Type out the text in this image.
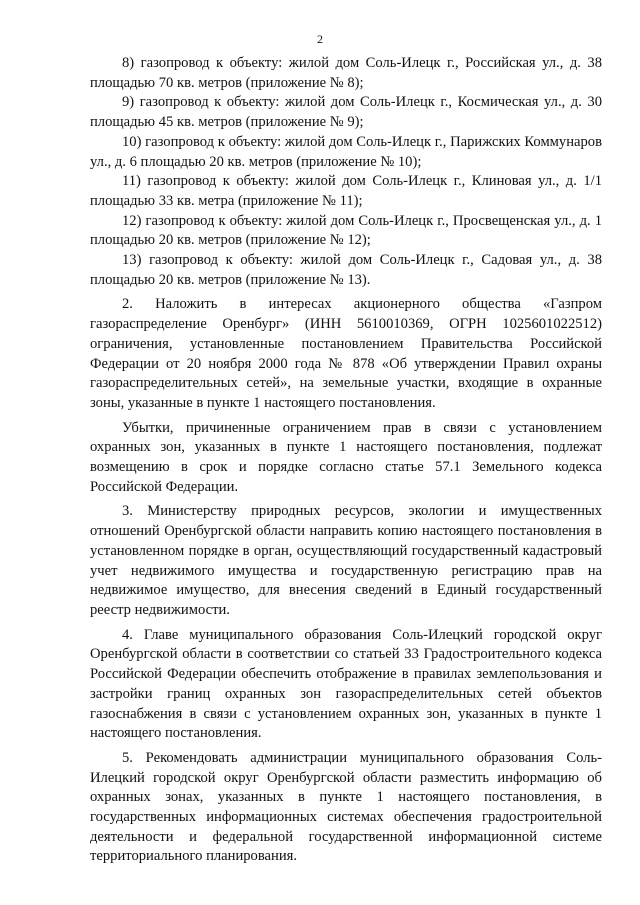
2

8) газопровод к объекту: жилой дом Соль-Илецк г., Российская ул., д. 38 площадью 70 кв. метров (приложение № 8);

9) газопровод к объекту: жилой дом Соль-Илецк г., Космическая ул., д. 30 площадью 45 кв. метров (приложение № 9);

10) газопровод к объекту: жилой дом Соль-Илецк г., Парижских Коммунаров ул., д. 6 площадью 20 кв. метров (приложение № 10);

11) газопровод к объекту: жилой дом Соль-Илецк г., Клиновая ул., д. 1/1 площадью 33 кв. метра (приложение № 11);

12) газопровод к объекту: жилой дом Соль-Илецк г., Просвещенская ул., д. 1 площадью 20 кв. метров (приложение № 12);

13) газопровод к объекту: жилой дом Соль-Илецк г., Садовая ул., д. 38 площадью 20 кв. метров (приложение № 13).

2. Наложить в интересах акционерного общества «Газпром газораспределение Оренбург» (ИНН 5610010369, ОГРН 1025601022512) ограничения, установленные постановлением Правительства Российской Федерации от 20 ноября 2000 года № 878 «Об утверждении Правил охраны газораспределительных сетей», на земельные участки, входящие в охранные зоны, указанные в пункте 1 настоящего постановления.

Убытки, причиненные ограничением прав в связи с установлением охранных зон, указанных в пункте 1 настоящего постановления, подлежат возмещению в срок и порядке согласно статье 57.1 Земельного кодекса Российской Федерации.

3. Министерству природных ресурсов, экологии и имущественных отношений Оренбургской области направить копию настоящего постановления в установленном порядке в орган, осуществляющий государственный кадастровый учет недвижимого имущества и государственную регистрацию прав на недвижимое имущество, для внесения сведений в Единый государственный реестр недвижимости.

4. Главе муниципального образования Соль-Илецкий городской округ Оренбургской области в соответствии со статьей 33 Градостроительного кодекса Российской Федерации обеспечить отображение в правилах землепользования и застройки границ охранных зон газораспределительных сетей объектов газоснабжения в связи с установлением охранных зон, указанных в пункте 1 настоящего постановления.

5. Рекомендовать администрации муниципального образования Соль-Илецкий городской округ Оренбургской области разместить информацию об охранных зонах, указанных в пункте 1 настоящего постановления, в государственных информационных системах обеспечения градостроительной деятельности и федеральной государственной информационной системе территориального планирования.
